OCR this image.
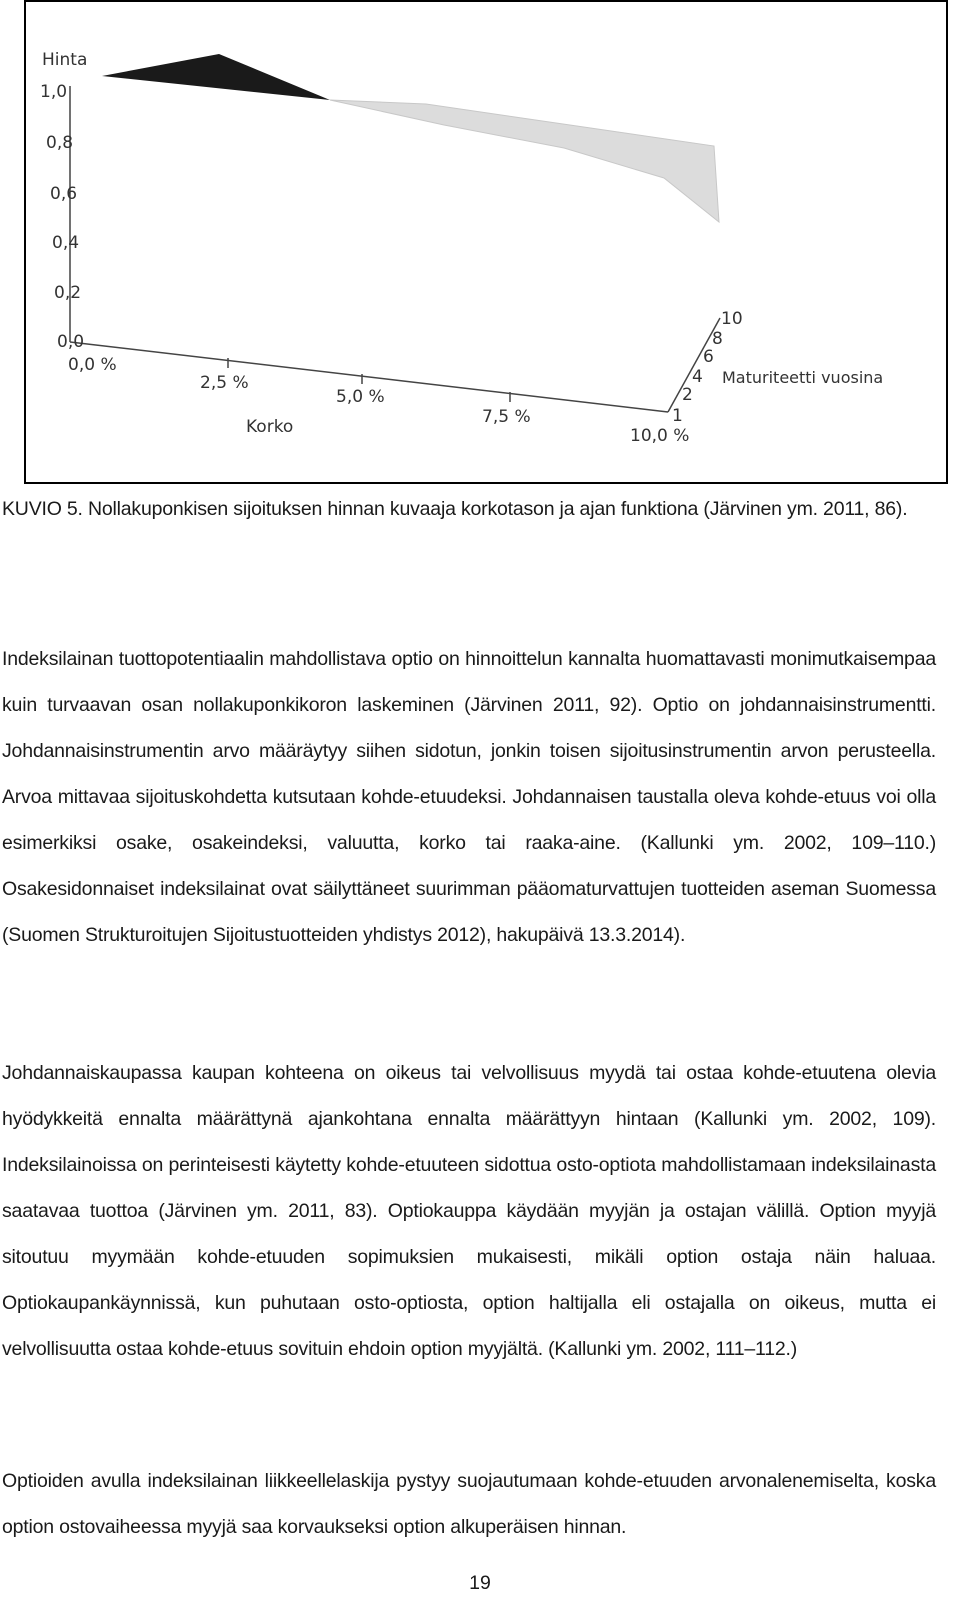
Hinta
1,0
0,8
0,6
0,4
0,2
0,0
0,0 %
2,5 %
5,0 %
7,5 %
10,0 %
Korko
1
2
4
6
8
10
Maturiteetti vuosina

KUVIO 5. Nollakuponkisen sijoituksen hinnan kuvaaja korkotason ja ajan funktiona (Järvinen ym. 2011, 86).

Indeksilainan tuottopotentiaalin mahdollistava optio on hinnoittelun kannalta huomattavasti monimutkaisempaa kuin turvaavan osan nollakuponkikoron laskeminen (Järvinen 2011, 92). Optio on johdannaisinstrumentti. Johdannaisinstrumentin arvo määräytyy siihen sidotun, jonkin toisen sijoitusinstrumentin arvon perusteella. Arvoa mittavaa sijoituskohdetta kutsutaan kohde-etuudeksi. Johdannaisen taustalla oleva kohde-etuus voi olla esimerkiksi osake, osakeindeksi, valuutta, korko tai raaka-aine. (Kallunki ym. 2002, 109–110.) Osakesidonnaiset indeksilainat ovat säilyttäneet suurimman pääomaturvattujen tuotteiden aseman Suomessa (Suomen Strukturoitujen Sijoitustuotteiden yhdistys 2012), hakupäivä 13.3.2014).

Johdannaiskaupassa kaupan kohteena on oikeus tai velvollisuus myydä tai ostaa kohde-etuutena olevia hyödykkeitä ennalta määrättynä ajankohtana ennalta määrättyyn hintaan (Kallunki ym. 2002, 109). Indeksilainoissa on perinteisesti käytetty kohde-etuuteen sidottua osto-optiota mahdollistamaan indeksilainasta saatavaa tuottoa (Järvinen ym. 2011, 83). Optiokauppa käydään myyjän ja ostajan välillä. Option myyjä sitoutuu myymään kohde-etuuden sopimuksien mukaisesti, mikäli option ostaja näin haluaa. Optiokaupankäynnissä, kun puhutaan osto-optiosta, option haltijalla eli ostajalla on oikeus, mutta ei velvollisuutta ostaa kohde-etuus sovituin ehdoin option myyjältä. (Kallunki ym. 2002, 111–112.)

Optioiden avulla indeksilainan liikkeellelaskija pystyy suojautumaan kohde-etuuden arvonalenemiselta, koska option ostovaiheessa myyjä saa korvaukseksi option alkuperäisen hinnan.

19
